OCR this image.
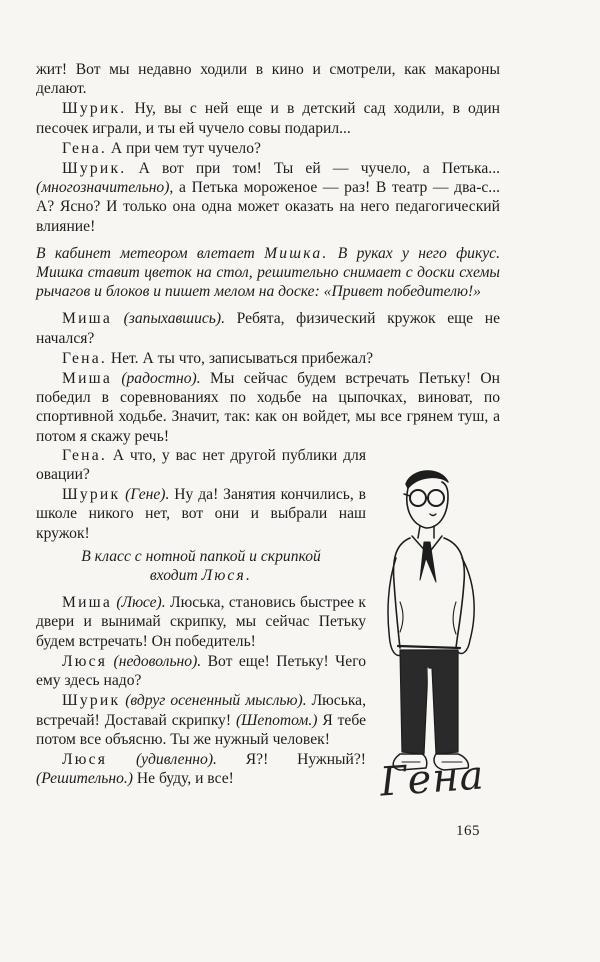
жит! Вот мы недавно ходили в кино и смотрели, как макароны делают.

Шурик. Ну, вы с ней еще и в детский сад ходили, в один песочек играли, и ты ей чучело совы подарил...

Гена. А при чем тут чучело?

Шурик. А вот при том! Ты ей — чучело, а Петька... (многозначительно), а Петька мороженое — раз! В театр — два-с... А? Ясно? И только она одна может оказать на него педагогический влияние!

В кабинет метеором влетает Мишка. В руках у него фикус. Мишка ставит цветок на стол, решительно снимает с доски схемы рычагов и блоков и пишет мелом на доске: «Привет победителю!»

Миша (запыхавшись). Ребята, физический кружок еще не начался?

Гена. Нет. А ты что, записываться прибежал?

Миша (радостно). Мы сейчас будем встречать Петьку! Он победил в соревнованиях по ходьбе на цыпочках, виноват, по спортивной ходьбе. Значит, так: как он войдет, мы все грянем туш, а потом я скажу речь!

Гена. А что, у вас нет другой публики для овации?

Шурик (Гене). Ну да! Занятия кончились, в школе никого нет, вот они и выбрали наш кружок!

В класс с нотной папкой и скрипкой
входит Люся.

Миша (Люсе). Люська, становись быстрее к двери и вынимай скрипку, мы сейчас Петьку будем встречать! Он победитель!

Люся (недовольно). Вот еще! Петьку! Чего ему здесь надо?

Шурик (вдруг осененный мыслью). Люська, встречай! Доставай скрипку! (Шепотом.) Я тебе потом все объясню. Ты же нужный человек!

Люся (удивленно). Я?! Нужный?! (Решительно.) Не буду, и все!	Гена
165
